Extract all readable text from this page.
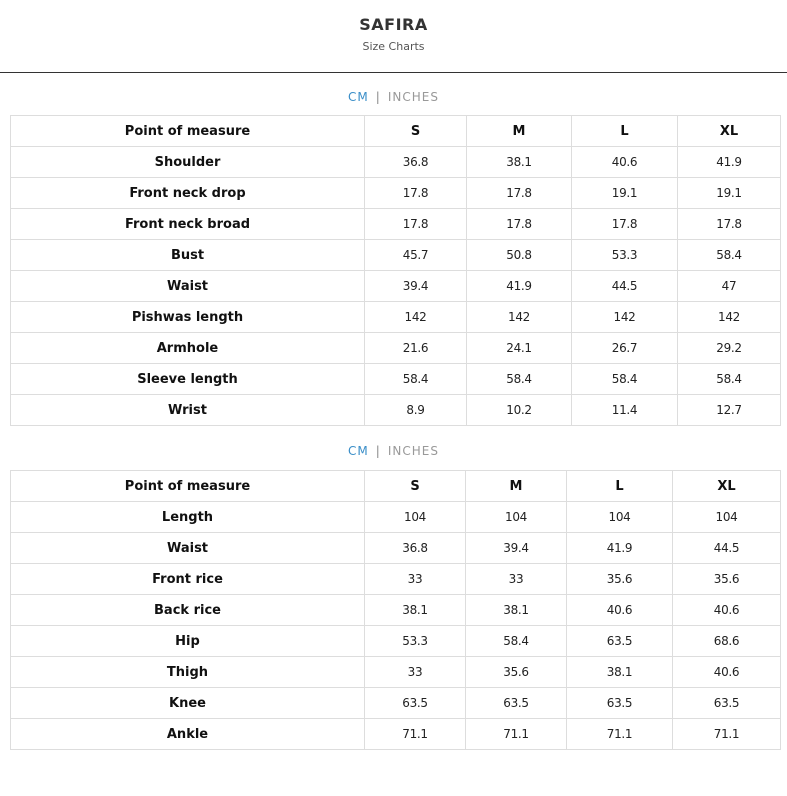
SAFIRA
Size Charts
CM | INCHES
Point of measure	S	M	L	XL
Shoulder	36.8	38.1	40.6	41.9
Front neck drop	17.8	17.8	19.1	19.1
Front neck broad	17.8	17.8	17.8	17.8
Bust	45.7	50.8	53.3	58.4
Waist	39.4	41.9	44.5	47
Pishwas length	142	142	142	142
Armhole	21.6	24.1	26.7	29.2
Sleeve length	58.4	58.4	58.4	58.4
Wrist	8.9	10.2	11.4	12.7
CM | INCHES
Point of measure	S	M	L	XL
Length	104	104	104	104
Waist	36.8	39.4	41.9	44.5
Front rice	33	33	35.6	35.6
Back rice	38.1	38.1	40.6	40.6
Hip	53.3	58.4	63.5	68.6
Thigh	33	35.6	38.1	40.6
Knee	63.5	63.5	63.5	63.5
Ankle	71.1	71.1	71.1	71.1
